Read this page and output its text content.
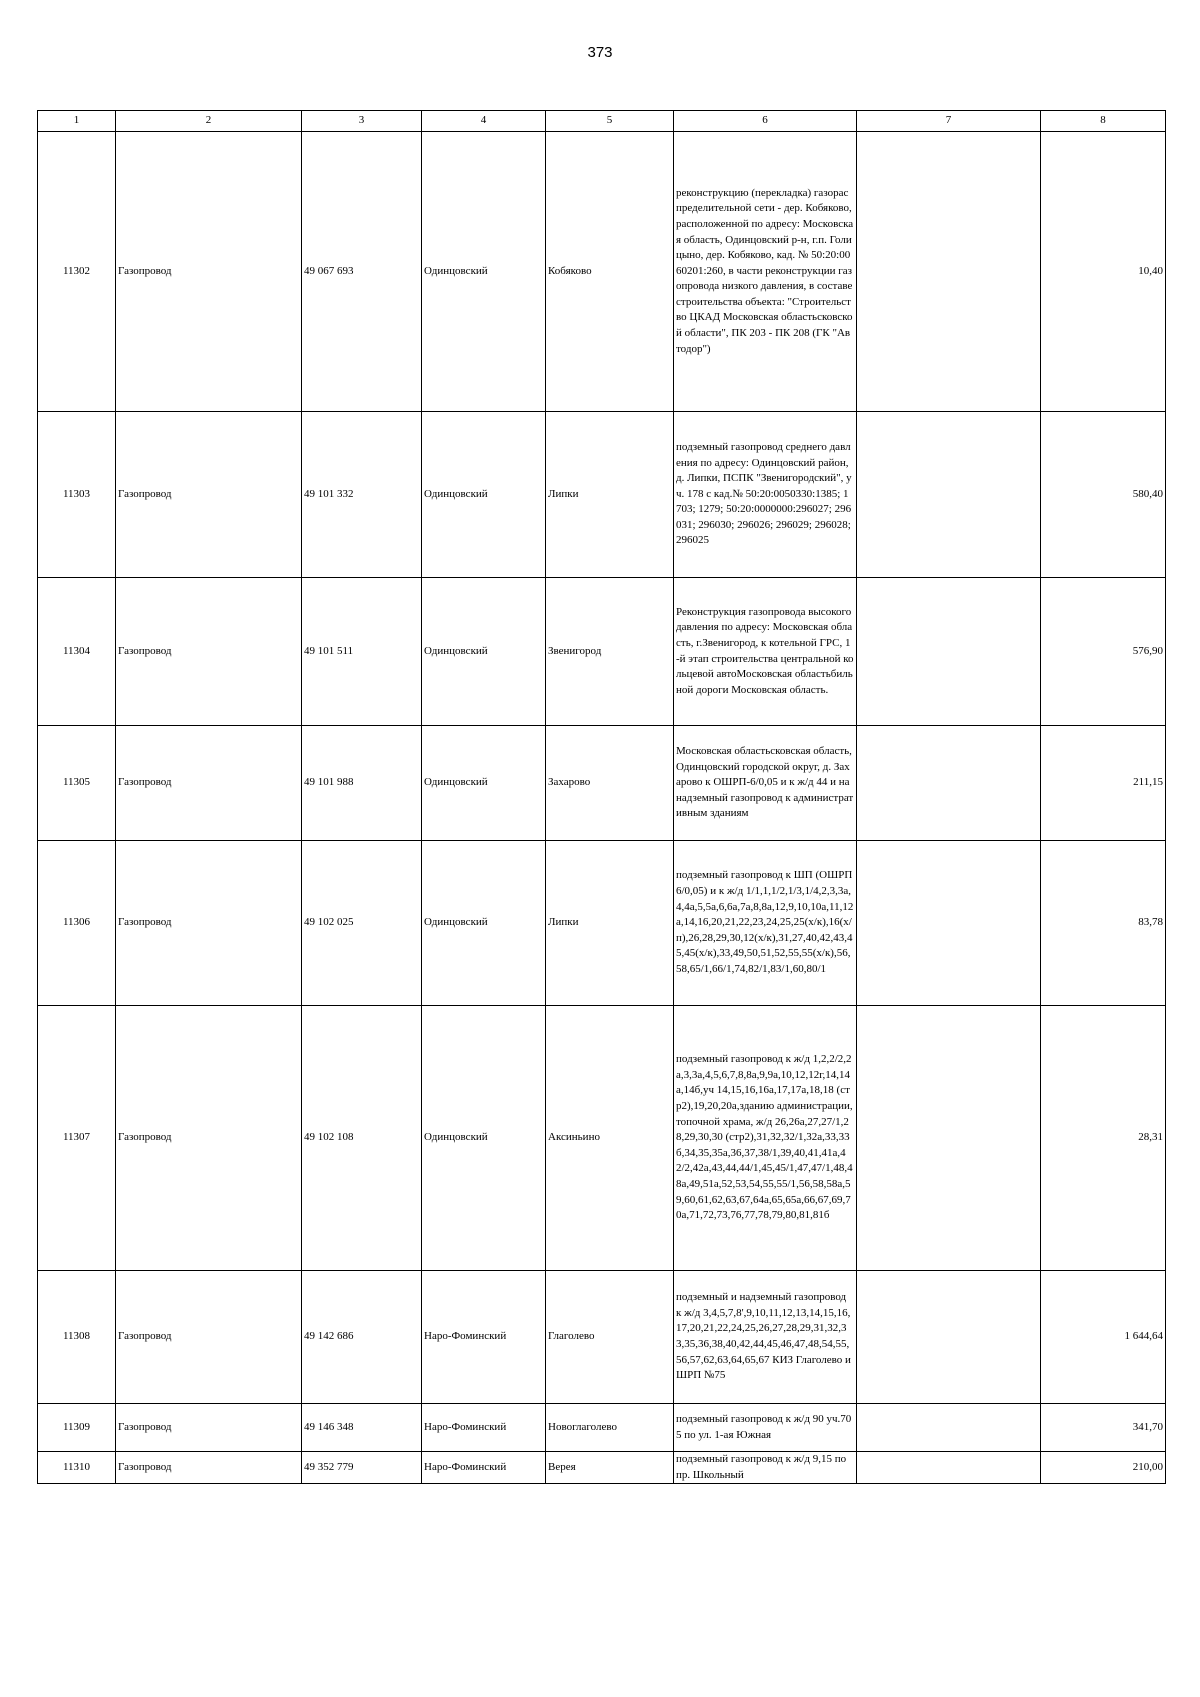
373
1	2	3	4	5	6	7	8
11302	Газопровод	49 067 693	Одинцовский	Кобяково	реконструкцию (перекладка) газораспределительной сети - дер. Кобяково, расположенной по адресу: Московская область, Одинцовский р-н, г.п. Голицыно, дер. Кобяково, кад. № 50:20:0060201:260, в части реконструкции газопровода низкого давления, в составе строительства объекта: "Строительство ЦКАД Московская областьсковской области", ПК 203 - ПК 208 (ГК "Автодор")		10,40
11303	Газопровод	49 101 332	Одинцовский	Липки	подземный газопровод среднего давления по адресу: Одинцовский район, д. Липки, ПСПК "Звенигородский", уч. 178 с кад.№ 50:20:0050330:1385; 1703; 1279; 50:20:0000000:296027; 296031; 296030; 296026; 296029; 296028; 296025		580,40
11304	Газопровод	49 101 511	Одинцовский	Звенигород	Реконструкция газопровода высокого давления по адресу: Московская область, г.Звенигород, к котельной ГРС, 1-й этап строительства центральной кольцевой автоМосковская областьбильной дороги Московская область.		576,90
11305	Газопровод	49 101 988	Одинцовский	Захарово	Московская областьсковская область, Одинцовский городской округ, д. Захарово к ОШРП-6/0,05 и к ж/д 44 и на надземный газопровод к административным зданиям		211,15
11306	Газопровод	49 102 025	Одинцовский	Липки	подземный газопровод к ШП (ОШРП 6/0,05) и к ж/д 1/1,1,1/2,1/3,1/4,2,3,3а,4,4а,5,5а,6,6а,7а,8,8а,12,9,10,10а,11,12а,14,16,20,21,22,23,24,25,25(х/к),16(х/п),26,28,29,30,12(х/к),31,27,40,42,43,45,45(х/к),33,49,50,51,52,55,55(х/к),56,58,65/1,66/1,74,82/1,83/1,60,80/1		83,78
11307	Газопровод	49 102 108	Одинцовский	Аксиньино	подземный газопровод к ж/д 1,2,2/2,2а,3,3а,4,5,6,7,8,8а,9,9а,10,12,12г,14,14а,14б,уч 14,15,16,16а,17,17а,18,18 (стр2),19,20,20а,зданию администрации, топочной храма, ж/д 26,26а,27,27/1,28,29,30,30 (стр2),31,32,32/1,32а,33,33б,34,35,35а,36,37,38/1,39,40,41,41а,42/2,42а,43,44,44/1,45,45/1,47,47/1,48,48а,49,51а,52,53,54,55,55/1,56,58,58а,59,60,61,62,63,67,64а,65,65а,66,67,69,70а,71,72,73,76,77,78,79,80,81,81б		28,31
11308	Газопровод	49 142 686	Наро-Фоминский	Глаголево	подземный и надземный газопровод к ж/д 3,4,5,7,8',9,10,11,12,13,14,15,16,17,20,21,22,24,25,26,27,28,29,31,32,33,35,36,38,40,42,44,45,46,47,48,54,55,56,57,62,63,64,65,67 КИЗ Глаголево и ШРП №75		1 644,64
11309	Газопровод	49 146 348	Наро-Фоминский	Новоглаголево	подземный газопровод к ж/д 90 уч.705 по ул. 1-ая Южная		341,70
11310	Газопровод	49 352 779	Наро-Фоминский	Верея	подземный газопровод к ж/д 9,15 по пр. Школьный		210,00
